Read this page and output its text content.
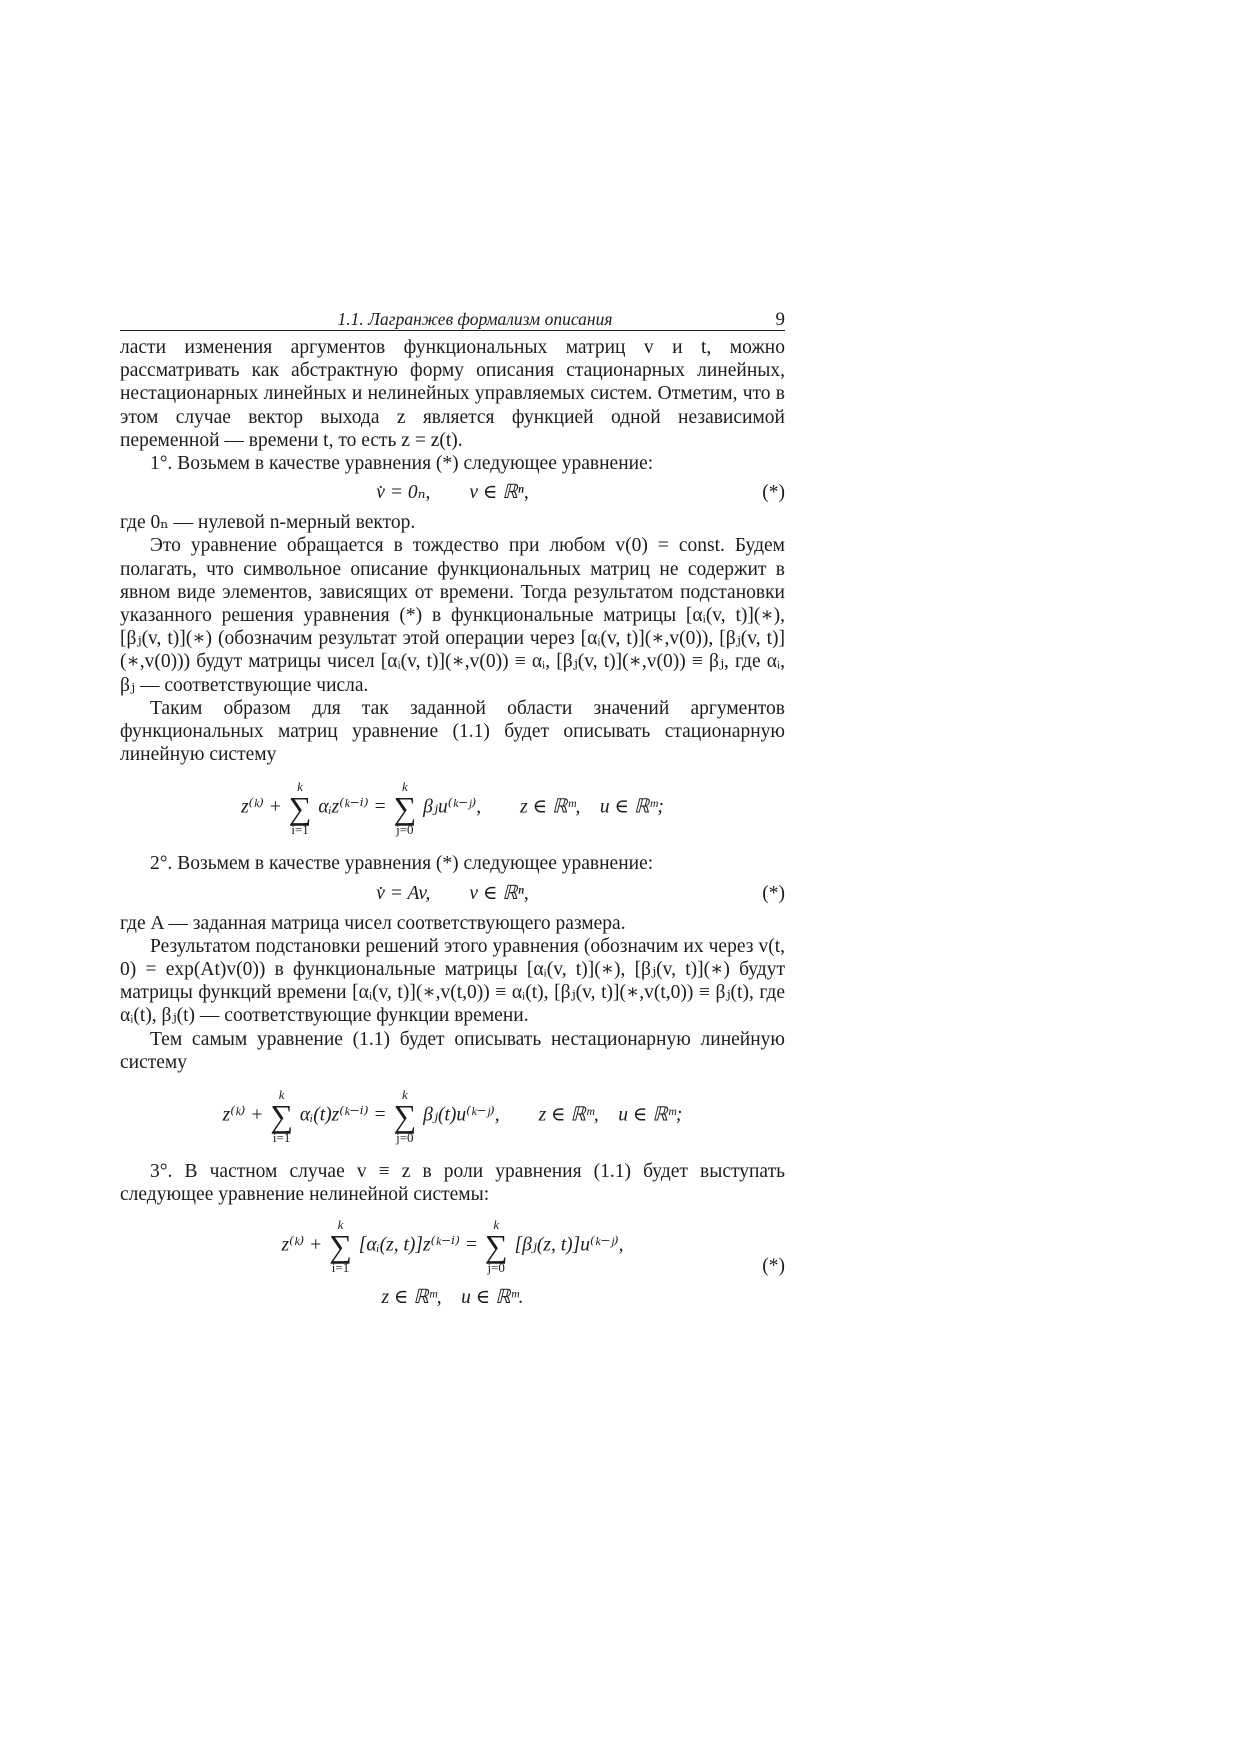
1.1. Лагранжев формализм описания	9

ласти изменения аргументов функциональных матриц v и t, можно рассматривать как абстрактную форму описания стационарных линейных, нестационарных линейных и нелинейных управляемых систем. Отметим, что в этом случае вектор выхода z является функцией одной независимой переменной — времени t, то есть z = z(t).

1°. Возьмем в качестве уравнения (*) следующее уравнение:

v̇ = 0ₙ,        v ∈ ℝⁿ,	(*)

где 0ₙ — нулевой n-мерный вектор.

Это уравнение обращается в тождество при любом v(0) = const. Будем полагать, что символьное описание функциональных матриц не содержит в явном виде элементов, зависящих от времени. Тогда результатом подстановки указанного решения уравнения (*) в функциональные матрицы [αᵢ(v, t)](∗), [βⱼ(v, t)](∗) (обозначим результат этой операции через [αᵢ(v, t)](∗,v(0)), [βⱼ(v, t)](∗,v(0))) будут матрицы чисел [αᵢ(v, t)](∗,v(0)) ≡ αᵢ, [βⱼ(v, t)](∗,v(0)) ≡ βⱼ, где αᵢ, βⱼ — соответствующие числа.

Таким образом для так заданной области значений аргументов функциональных матриц уравнение (1.1) будет описывать стационарную линейную систему

z⁽ᵏ⁾ +
k
∑
i=1
αᵢz⁽ᵏ⁻ⁱ⁾ =
k
∑
j=0
βⱼu⁽ᵏ⁻ʲ⁾,        z ∈ ℝᵐ,    u ∈ ℝᵐ;

2°. Возьмем в качестве уравнения (*) следующее уравнение:

v̇ = Av,        v ∈ ℝⁿ,	(*)

где A — заданная матрица чисел соответствующего размера.

Результатом подстановки решений этого уравнения (обозначим их через v(t, 0) = exp(At)v(0)) в функциональные матрицы [αᵢ(v, t)](∗), [βⱼ(v, t)](∗) будут матрицы функций времени [αᵢ(v, t)](∗,v(t,0)) ≡ αᵢ(t), [βⱼ(v, t)](∗,v(t,0)) ≡ βⱼ(t), где αᵢ(t), βⱼ(t) — соответствующие функции времени.

Тем самым уравнение (1.1) будет описывать нестационарную линейную систему

z⁽ᵏ⁾ +
k
∑
i=1
αᵢ(t)z⁽ᵏ⁻ⁱ⁾ =
k
∑
j=0
βⱼ(t)u⁽ᵏ⁻ʲ⁾,        z ∈ ℝᵐ,    u ∈ ℝᵐ;

3°. В частном случае v ≡ z в роли уравнения (1.1) будет выступать следующее уравнение нелинейной системы:

z⁽ᵏ⁾ +
k
∑
i=1
[αᵢ(z, t)]z⁽ᵏ⁻ⁱ⁾ =
k
∑
j=0
[βⱼ(z, t)]u⁽ᵏ⁻ʲ⁾,
z ∈ ℝᵐ,    u ∈ ℝᵐ.
(*)
